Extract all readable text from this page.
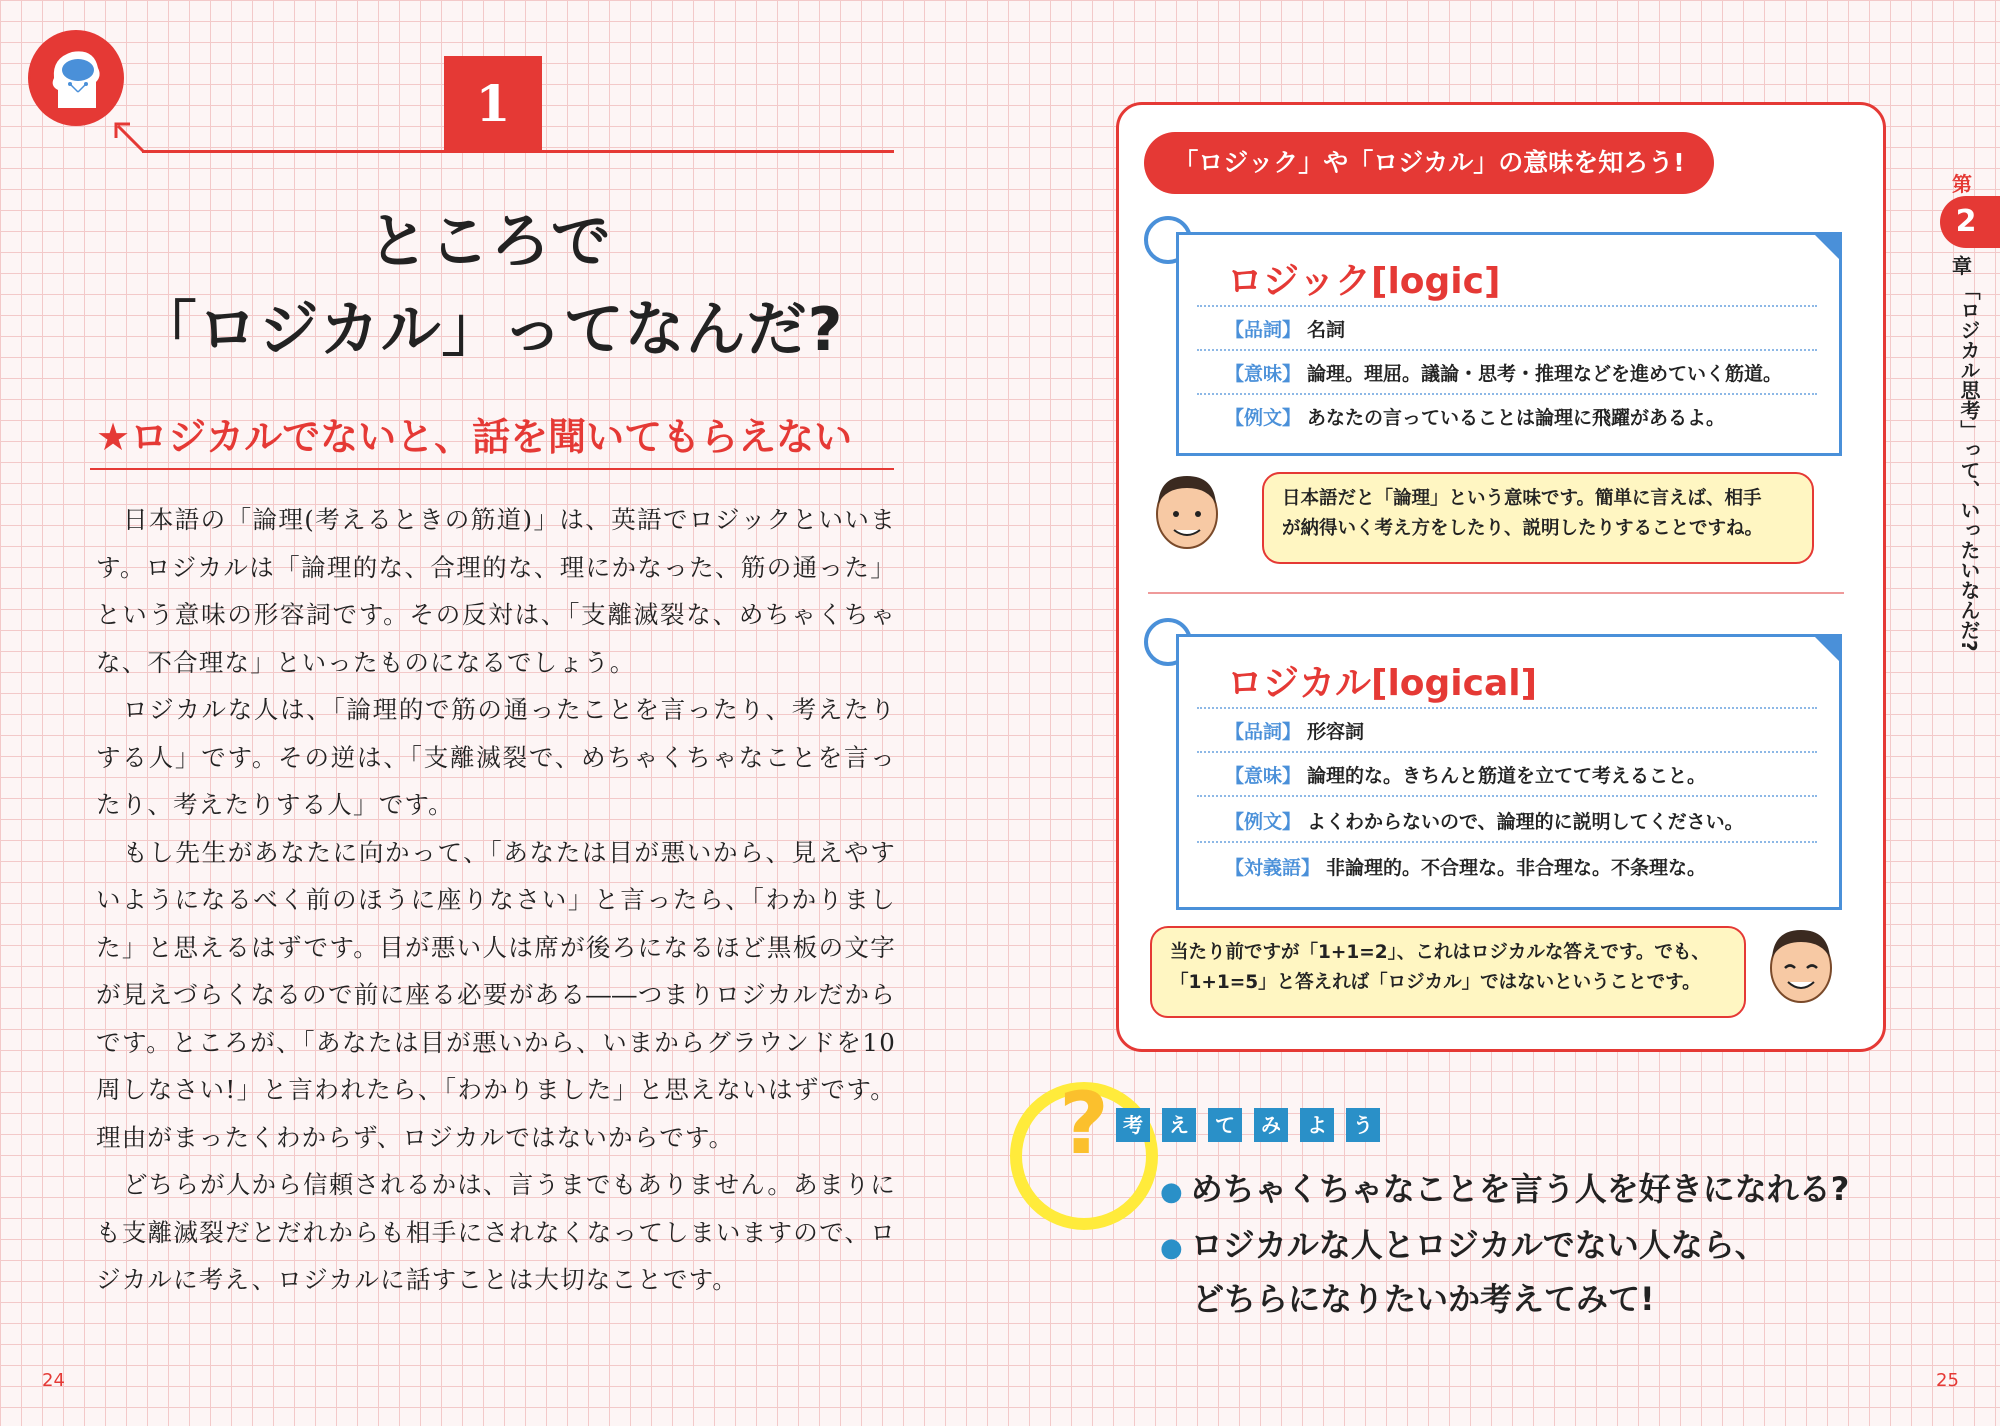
1
ところで
「ロジカル」ってなんだ?
★ロジカルでないと、話を聞いてもらえない

日本語の「論理(考えるときの筋道)」は、英語でロジックといいます。ロジカルは「論理的な、合理的な、理にかなった、筋の通った」という意味の形容詞です。その反対は、「支離滅裂な、めちゃくちゃな、不合理な」といったものになるでしょう。

ロジカルな人は、「論理的で筋の通ったことを言ったり、考えたりする人」です。その逆は、「支離滅裂で、めちゃくちゃなことを言ったり、考えたりする人」です。

もし先生があなたに向かって、「あなたは目が悪いから、見えやすいようになるべく前のほうに座りなさい」と言ったら、「わかりました」と思えるはずです。目が悪い人は席が後ろになるほど黒板の文字が見えづらくなるので前に座る必要がある――つまりロジカルだからです。ところが、「あなたは目が悪いから、いまからグラウンドを10周しなさい!」と言われたら、「わかりました」と思えないはずです。理由がまったくわからず、ロジカルではないからです。

どちらが人から信頼されるかは、言うまでもありません。あまりにも支離滅裂だとだれからも相手にされなくなってしまいますので、ロジカルに考え、ロジカルに話すことは大切なことです。

24
「ロジック」や「ロジカル」の意味を知ろう!
ロジック[logic]
【品詞】 名詞
【意味】 論理。理屈。議論・思考・推理などを進めていく筋道。
【例文】 あなたの言っていることは論理に飛躍があるよ。
日本語だと「論理」という意味です。簡単に言えば、相手
が納得いく考え方をしたり、説明したりすることですね。
ロジカル[logical]
【品詞】 形容詞
【意味】 論理的な。きちんと筋道を立てて考えること。
【例文】 よくわからないので、論理的に説明してください。
【対義語】 非論理的。不合理な。非合理な。不条理な。
当たり前ですが「1+1=2」、これはロジカルな答えです。でも、
「1+1=5」と答えれば「ロジカル」ではないということです。
? 考 え て み よ う
● めちゃくちゃなことを言う人を好きになれる?
● ロジカルな人とロジカルでない人なら、
どちらになりたいか考えてみて!
第
2
章
「ロジカル思考」って、いったいなんだ?
25
